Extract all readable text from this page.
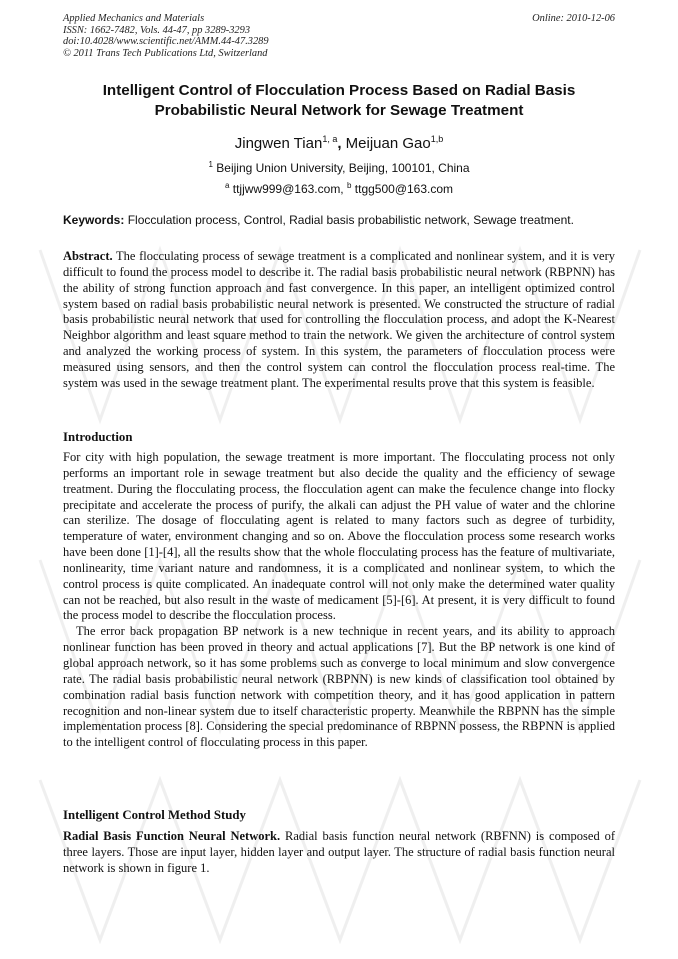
Applied Mechanics and Materials
ISSN: 1662-7482, Vols. 44-47, pp 3289-3293
doi:10.4028/www.scientific.net/AMM.44-47.3289
© 2011 Trans Tech Publications Ltd, Switzerland
Online: 2010-12-06
Intelligent Control of Flocculation Process Based on Radial Basis
Probabilistic Neural Network for Sewage Treatment
Jingwen Tian$^{1, a}$, Meijuan Gao$^{1,b}$
$^1$ Beijing Union University, Beijing, 100101, China
$^a$ ttjjww999@163.com, $^b$ ttgg500@163.com
Keywords: Flocculation process, Control, Radial basis probabilistic network, Sewage treatment.

Abstract. The flocculating process of sewage treatment is a complicated and nonlinear system, and it is very difficult to found the process model to describe it. The radial basis probabilistic neural network (RBPNN) has the ability of strong function approach and fast convergence. In this paper, an intelligent optimized control system based on radial basis probabilistic neural network is presented. We constructed the structure of radial basis probabilistic neural network that used for controlling the flocculation process, and adopt the K-Nearest Neighbor algorithm and least square method to train the network. We given the architecture of control system and analyzed the working process of system. In this system, the parameters of flocculation process were measured using sensors, and then the control system can control the flocculation process real-time. The system was used in the sewage treatment plant. The experimental results prove that this system is feasible.

Introduction

For city with high population, the sewage treatment is more important. The flocculating process not only performs an important role in sewage treatment but also decide the quality and the efficiency of sewage treatment. During the flocculating process, the flocculation agent can make the feculence change into flocky precipitate and accelerate the process of purify, the alkali can adjust the PH value of water and the chlorine can sterilize. The dosage of flocculating agent is related to many factors such as degree of turbidity, temperature of water, environment changing and so on. Above the flocculation process some research works have been done [1]-[4], all the results show that the whole flocculating process has the feature of multivariate, nonlinearity, time variant nature and randomness, it is a complicated and nonlinear system, to which the control process is quite complicated. An inadequate control will not only make the determined water quality can not be reached, but also result in the waste of medicament [5]-[6]. At present, it is very difficult to found the process model to describe the flocculation process.

The error back propagation BP network is a new technique in recent years, and its ability to approach nonlinear function has been proved in theory and actual applications [7]. But the BP network is one kind of global approach network, so it has some problems such as converge to local minimum and slow convergence rate. The radial basis probabilistic neural network (RBPNN) is new kinds of classification tool obtained by combination radial basis function network with competition theory, and it has good application in pattern recognition and non-linear system due to itself characteristic property. Meanwhile the RBPNN has the simple implementation process [8]. Considering the special predominance of RBPNN possess, the RBPNN is applied to the intelligent control of flocculating process in this paper.

Intelligent Control Method Study

Radial Basis Function Neural Network. Radial basis function neural network (RBFNN) is composed of three layers. Those are input layer, hidden layer and output layer. The structure of radial basis function neural network is shown in figure 1.
